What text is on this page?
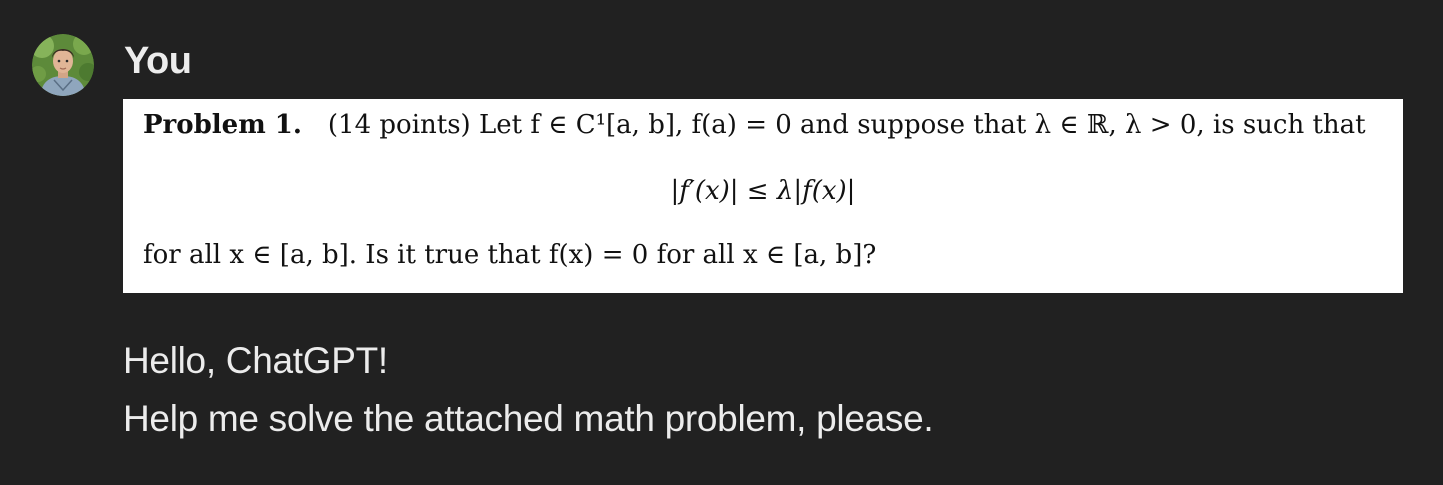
You
Problem 1. (14 points) Let f ∈ C¹[a, b], f(a) = 0 and suppose that λ ∈ ℝ, λ > 0, is such that
|f′(x)| ≤ λ|f(x)|
for all x ∈ [a, b]. Is it true that f(x) = 0 for all x ∈ [a, b]?

Hello, ChatGPT!

Help me solve the attached math problem, please.
